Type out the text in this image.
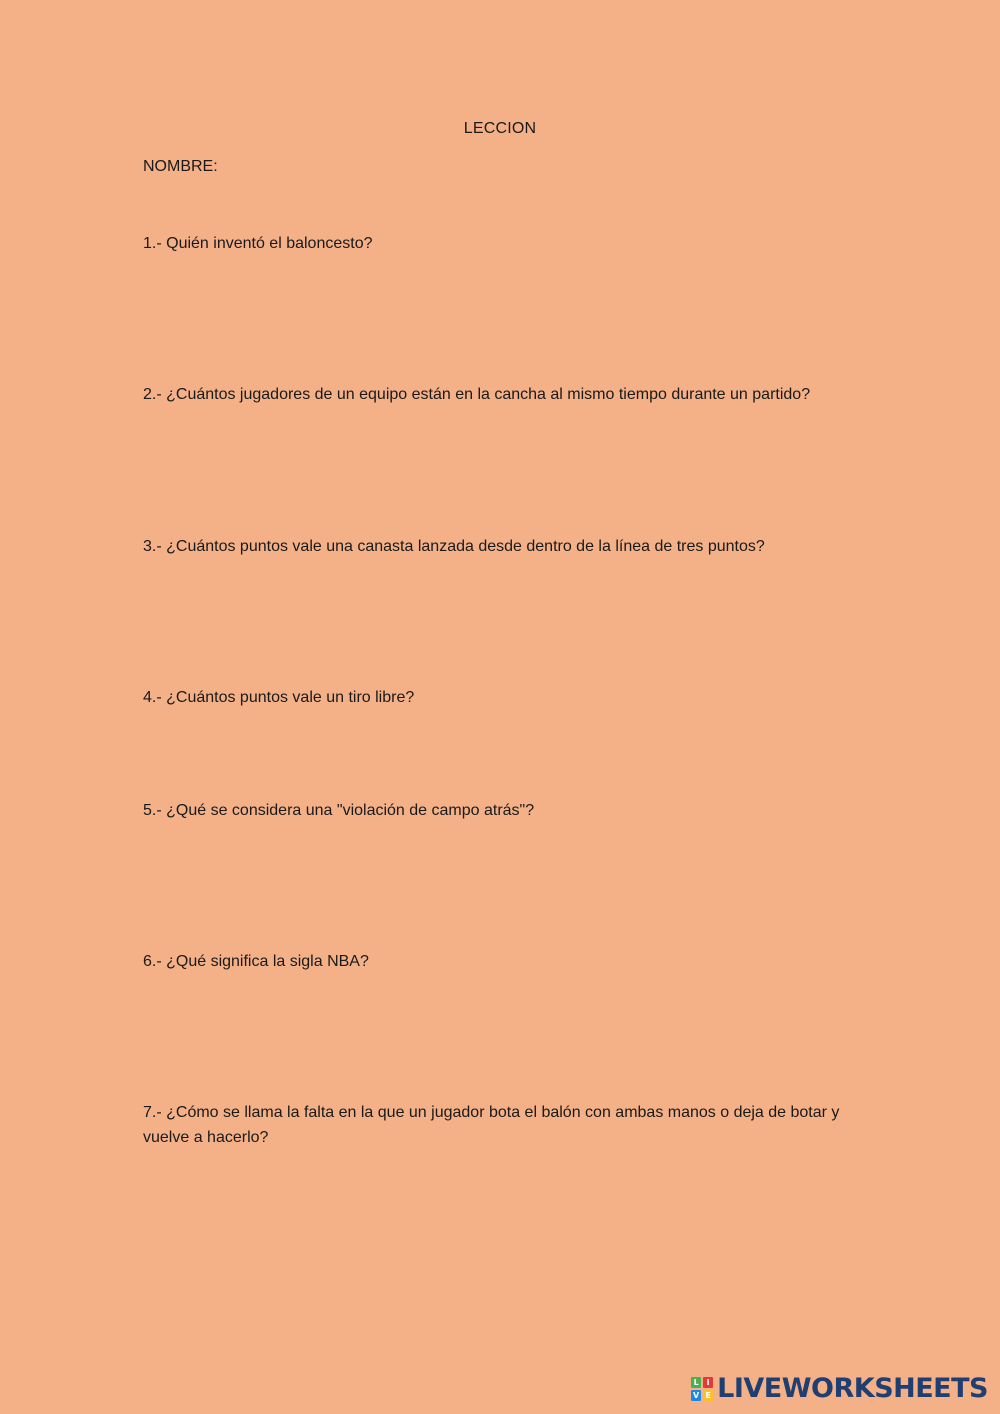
LECCION
NOMBRE:
1.- Quién inventó el baloncesto?
2.- ¿Cuántos jugadores de un equipo están en la cancha al mismo tiempo durante un partido?
3.- ¿Cuántos puntos vale una canasta lanzada desde dentro de la línea de tres puntos?
4.- ¿Cuántos puntos vale un tiro libre?
5.- ¿Qué se considera una "violación de campo atrás"?
6.- ¿Qué significa la sigla NBA?
7.- ¿Cómo se llama la falta en la que un jugador bota el balón con ambas manos o deja de botar y vuelve a hacerlo?
L I
V E LIVEWORKSHEETS
